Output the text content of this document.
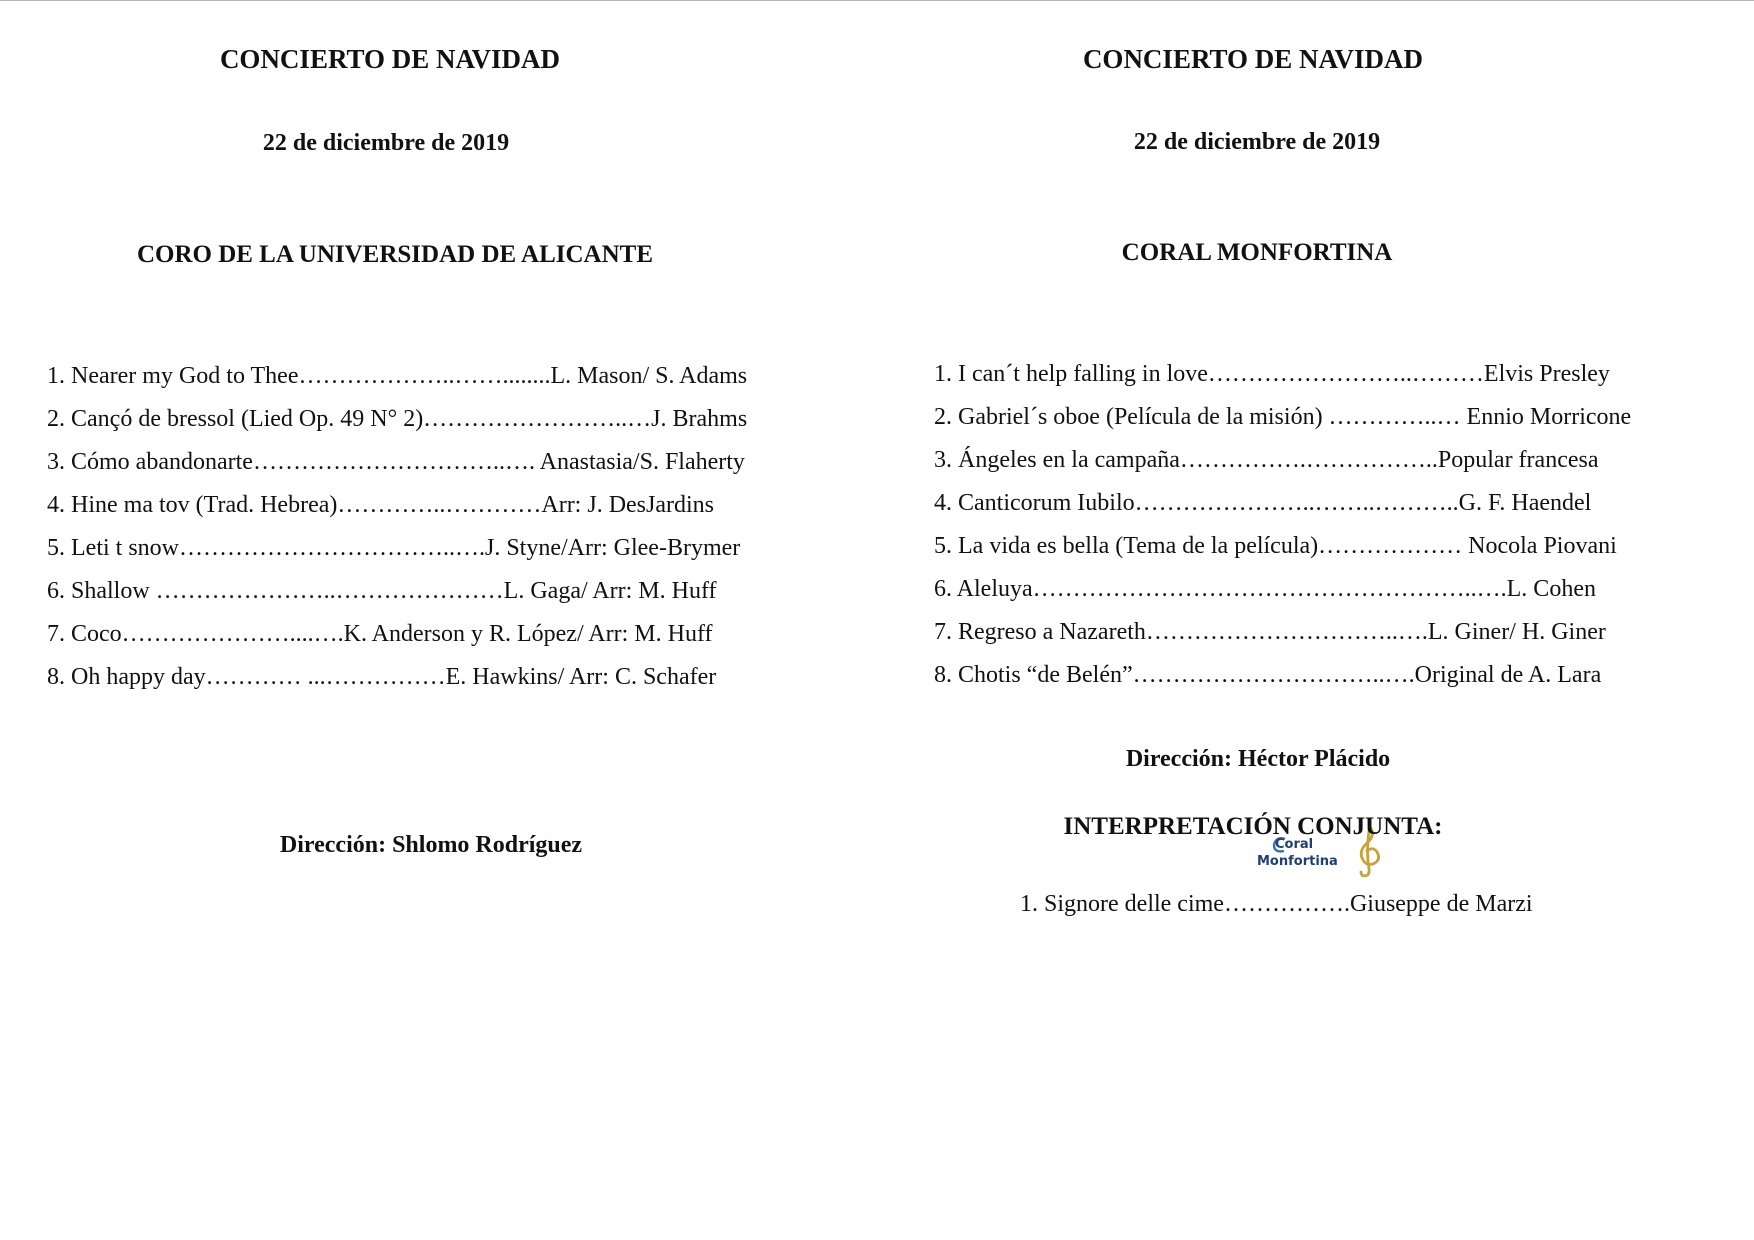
CONCIERTO DE NAVIDAD
22 de diciembre de 2019
CORO DE LA UNIVERSIDAD DE ALICANTE
1. Nearer my God to Thee………………..……........L. Mason/ S. Adams
2. Cançó de bressol (Lied Op. 49 N° 2)……………………..…J. Brahms
3. Cómo abandonarte…………………………..…. Anastasia/S. Flaherty
4. Hine ma tov (Trad. Hebrea)…………..…………Arr: J. DesJardins
5. Leti t snow……………………………..….J. Styne/Arr: Glee-Brymer
6. Shallow …………………..…………………L. Gaga/ Arr: M. Huff
7. Coco…………………....….K. Anderson y R. López/ Arr: M. Huff
8. Oh happy day………… ...……………E. Hawkins/ Arr: C. Schafer
Dirección: Shlomo Rodríguez
CONCIERTO DE NAVIDAD
22 de diciembre de 2019
CORAL MONFORTINA
1. I can´t help falling in love……………………..………Elvis Presley
2. Gabriel´s oboe (Película de la misión) …………..… Ennio Morricone
3. Ángeles en la campaña…………….……………..Popular francesa
4. Canticorum Iubilo…………………..……..………..G. F. Haendel
5. La vida es bella (Tema de la película)……………… Nocola Piovani
6. Aleluya………………………………………………..….L. Cohen
7. Regreso a Nazareth…………………………..….L. Giner/ H. Giner
8. Chotis “de Belén”…………………………..….Original de A. Lara
Dirección: Héctor Plácido
Coral
Monfortina
INTERPRETACIÓN CONJUNTA:
1. Signore delle cime…………….Giuseppe de Marzi
